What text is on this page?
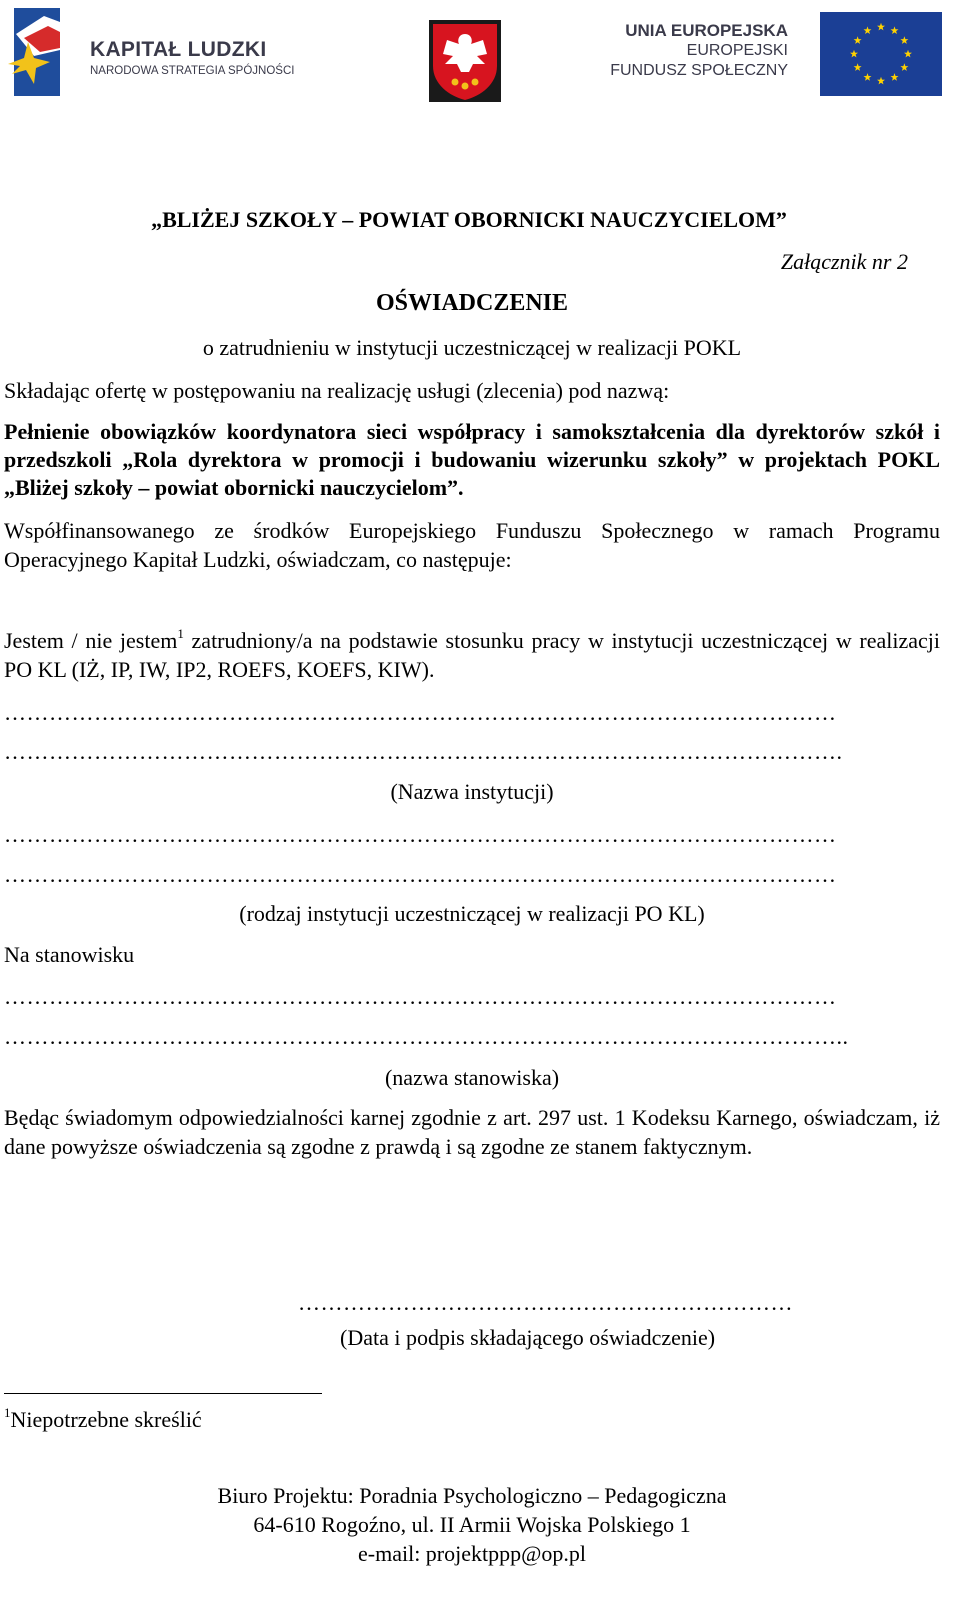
KAPITAŁ LUDZKI
NARODOWA STRATEGIA SPÓJNOŚCI
UNIA EUROPEJSKA
EUROPEJSKI
FUNDUSZ SPOŁECZNY
„BLIŻEJ SZKOŁY – POWIAT OBORNICKI NAUCZYCIELOM”
Załącznik nr 2
OŚWIADCZENIE
o zatrudnieniu w instytucji uczestniczącej w realizacji POKL
Składając ofertę w postępowaniu na realizację usługi (zlecenia) pod nazwą:
Pełnienie obowiązków koordynatora sieci współpracy i samokształcenia dla dyrektorów szkół i przedszkoli „Rola dyrektora w promocji i budowaniu wizerunku szkoły” w projektach POKL „Bliżej szkoły – powiat obornicki nauczycielom”.
Współfinansowanego ze środków Europejskiego Funduszu Społecznego w ramach Programu Operacyjnego Kapitał Ludzki, oświadczam, co następuje:
Jestem / nie jestem$^1$ zatrudniony/a na podstawie stosunku pracy w instytucji uczestniczącej w realizacji PO KL (IŻ, IP, IW, IP2, ROEFS, KOEFS, KIW).
…………………………………………………………………………………………………
………………………………………………………………………………………………….
(Nazwa instytucji)
…………………………………………………………………………………………………
…………………………………………………………………………………………………
(rodzaj instytucji uczestniczącej w realizacji PO KL)
Na stanowisku
…………………………………………………………………………………………………
…………………………………………………………………………………………………..
(nazwa stanowiska)
Będąc świadomym odpowiedzialności karnej zgodnie z art. 297 ust. 1 Kodeksu Karnego, oświadczam, iż dane powyższe oświadczenia są zgodne z prawdą i są zgodne ze stanem faktycznym.
…………………………………………………………
(Data i podpis składającego oświadczenie)
$^1$Niepotrzebne skreślić
Biuro Projektu: Poradnia Psychologiczno – Pedagogiczna
64-610 Rogoźno, ul. II Armii Wojska Polskiego 1
e-mail: projektppp@op.pl
